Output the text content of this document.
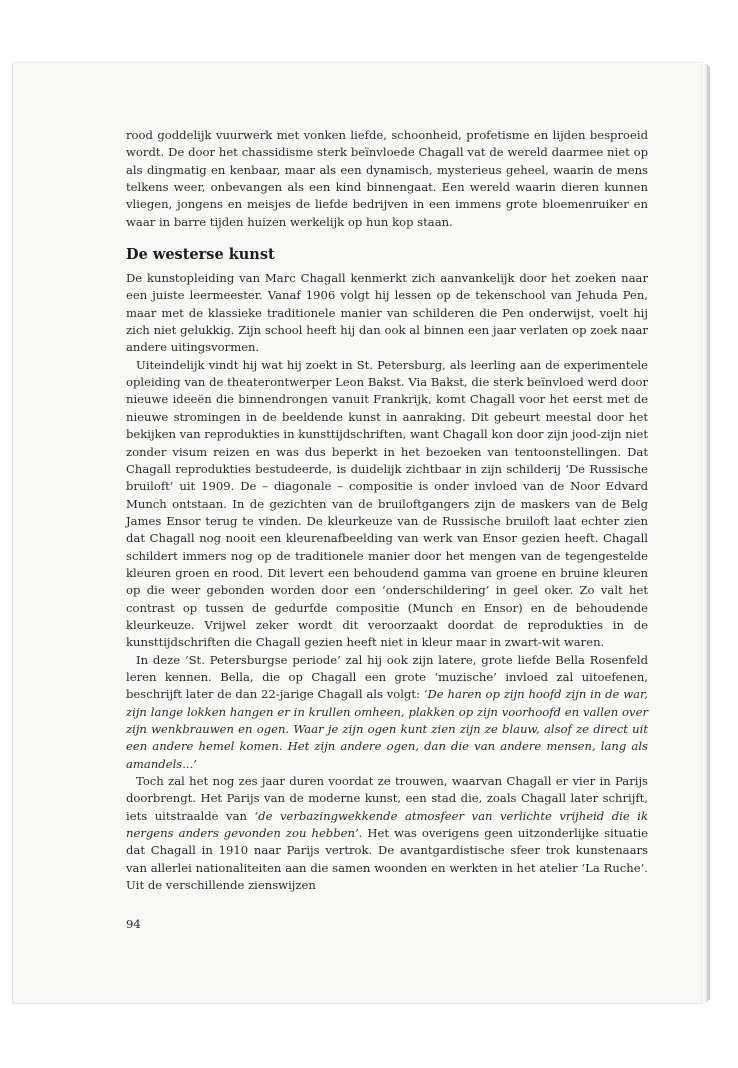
rood goddelijk vuurwerk met vonken liefde, schoonheid, profetisme en lijden besproeid wordt. De door het chassidisme sterk beïnvloede Chagall vat de wereld daarmee niet op als dingmatig en kenbaar, maar als een dynamisch, mysterieus geheel, waarin de mens telkens weer, onbevangen als een kind binnengaat. Een wereld waarin dieren kunnen vliegen, jongens en meisjes de liefde bedrijven in een immens grote bloemenruiker en waar in barre tijden huizen werkelijk op hun kop staan.

De westerse kunst

De kunstopleiding van Marc Chagall kenmerkt zich aanvankelijk door het zoeken naar een juiste leermeester. Vanaf 1906 volgt hij lessen op de tekenschool van Jehuda Pen, maar met de klassieke traditionele manier van schilderen die Pen onderwijst, voelt hij zich niet gelukkig. Zijn school heeft hij dan ook al binnen een jaar verlaten op zoek naar andere uitingsvormen.

Uiteindelijk vindt hij wat hij zoekt in St. Petersburg, als leerling aan de experimentele opleiding van de theaterontwerper Leon Bakst. Via Bakst, die sterk beïnvloed werd door nieuwe ideeën die binnendrongen vanuit Frankrijk, komt Chagall voor het eerst met de nieuwe stromingen in de beeldende kunst in aanraking. Dit gebeurt meestal door het bekijken van reprodukties in kunsttijdschriften, want Chagall kon door zijn jood-zijn niet zonder visum reizen en was dus beperkt in het bezoeken van tentoonstellingen. Dat Chagall reprodukties bestudeerde, is duidelijk zichtbaar in zijn schilderij ‘De Russische bruiloft’ uit 1909. De – diagonale – compositie is onder invloed van de Noor Edvard Munch ontstaan. In de gezichten van de bruiloftgangers zijn de maskers van de Belg James Ensor terug te vinden. De kleurkeuze van de Russische bruiloft laat echter zien dat Chagall nog nooit een kleurenafbeelding van werk van Ensor gezien heeft. Chagall schildert immers nog op de traditionele manier door het mengen van de tegengestelde kleuren groen en rood. Dit levert een behoudend gamma van groene en bruine kleuren op die weer gebonden worden door een ‘onderschildering’ in geel oker. Zo valt het contrast op tussen de gedurfde compositie (Munch en Ensor) en de behoudende kleurkeuze. Vrijwel zeker wordt dit veroorzaakt doordat de reprodukties in de kunsttijdschriften die Chagall gezien heeft niet in kleur maar in zwart-wit waren.

In deze ‘St. Petersburgse periode’ zal hij ook zijn latere, grote liefde Bella Rosenfeld leren kennen. Bella, die op Chagall een grote ‘muzische’ invloed zal uitoefenen, beschrijft later de dan 22-jarige Chagall als volgt: ‘De haren op zijn hoofd zijn in de war, zijn lange lokken hangen er in krullen omheen, plakken op zijn voorhoofd en vallen over zijn wenkbrauwen en ogen. Waar je zijn ogen kunt zien zijn ze blauw, alsof ze direct uit een andere hemel komen. Het zijn andere ogen, dan die van andere mensen, lang als amandels...’

Toch zal het nog zes jaar duren voordat ze trouwen, waarvan Chagall er vier in Parijs doorbrengt. Het Parijs van de moderne kunst, een stad die, zoals Chagall later schrijft, iets uitstraalde van ‘de verbazingwekkende atmosfeer van verlichte vrijheid die ik nergens anders gevonden zou hebben’. Het was overigens geen uitzonderlijke situatie dat Chagall in 1910 naar Parijs vertrok. De avantgardistische sfeer trok kunstenaars van allerlei nationaliteiten aan die samen woonden en werkten in het atelier ‘La Ruche’. Uit de verschillende zienswijzen

94
